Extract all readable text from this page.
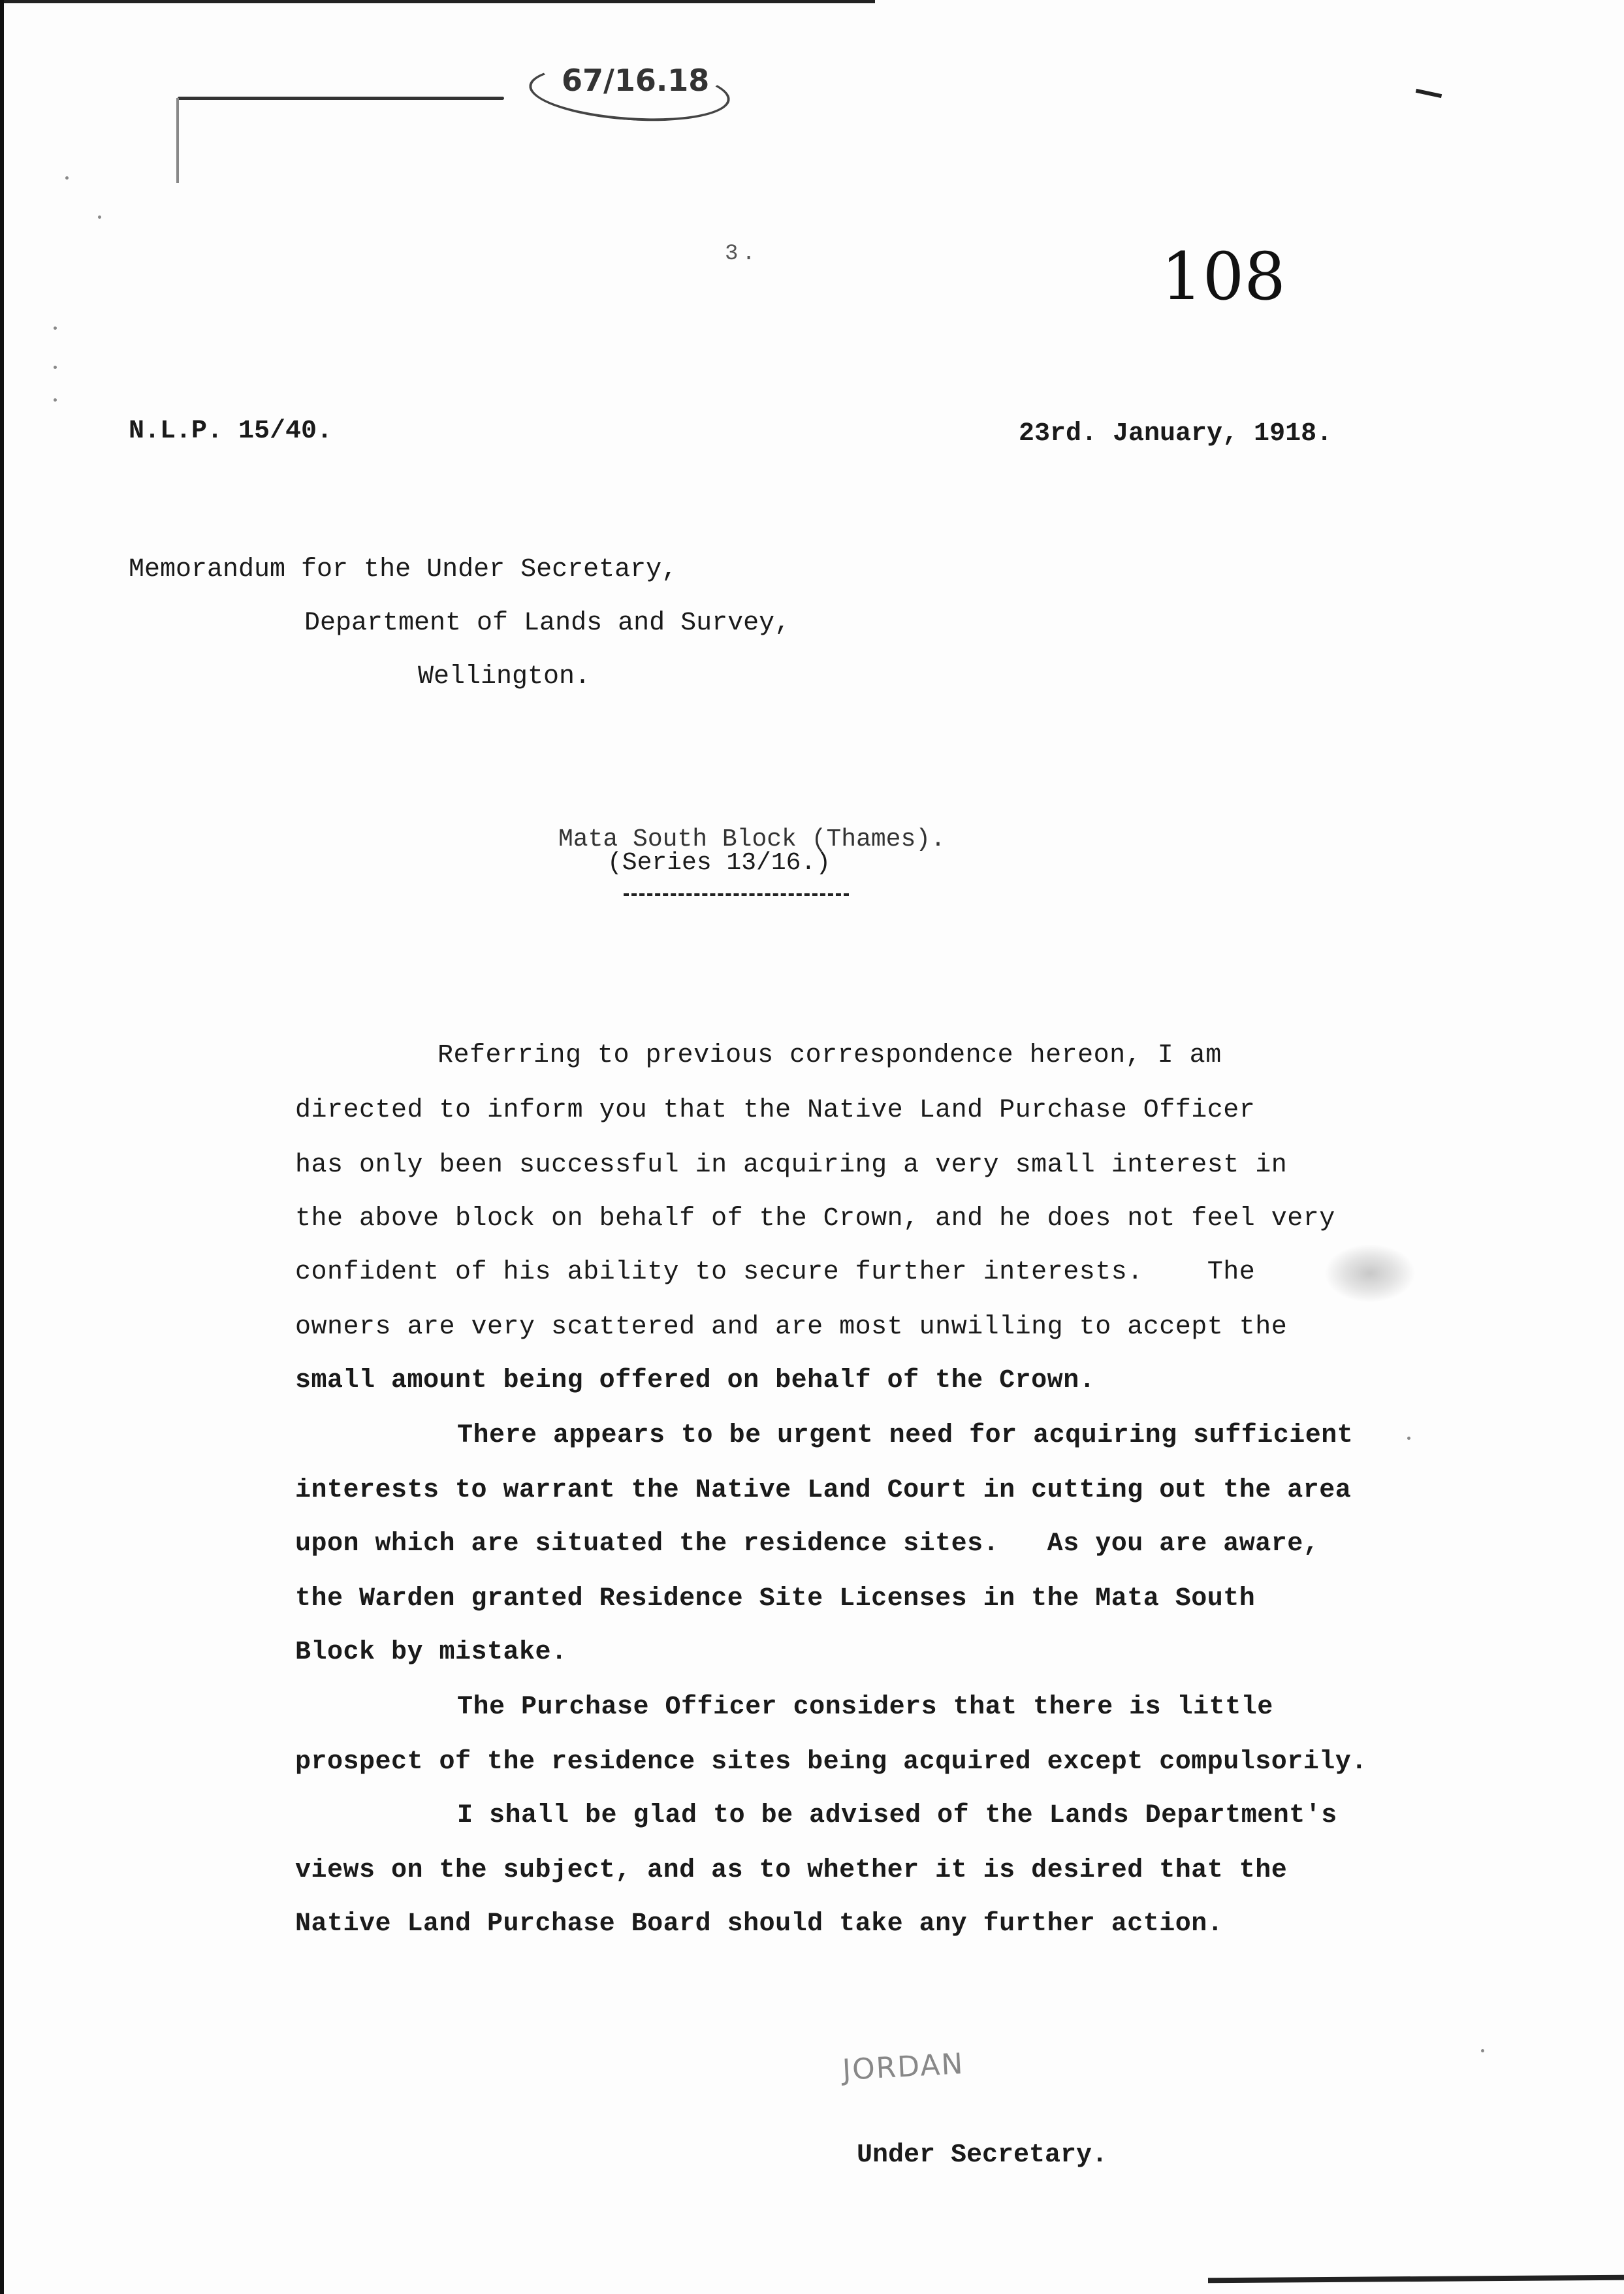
67/16.18
3.	108
N.L.P. 15/40.	23rd. January, 1918.
Memorandum for the Under Secretary,
Department of Lands and Survey,
Wellington.
Mata South Block (Thames).
(Series 13/16.)
Referring to previous correspondence hereon, I am
directed to inform you that the Native Land Purchase Officer
has only been successful in acquiring a very small interest in
the above block on behalf of the Crown, and he does not feel very
confident of his ability to secure further interests.    The
owners are very scattered and are most unwilling to accept the
small amount being offered on behalf of the Crown.
There appears to be urgent need for acquiring sufficient
interests to warrant the Native Land Court in cutting out the area
upon which are situated the residence sites.   As you are aware,
the Warden granted Residence Site Licenses in the Mata South
Block by mistake.
The Purchase Officer considers that there is little
prospect of the residence sites being acquired except compulsorily.
I shall be glad to be advised of the Lands Department's
views on the subject, and as to whether it is desired that the
Native Land Purchase Board should take any further action.
JORDAN
Under Secretary.
